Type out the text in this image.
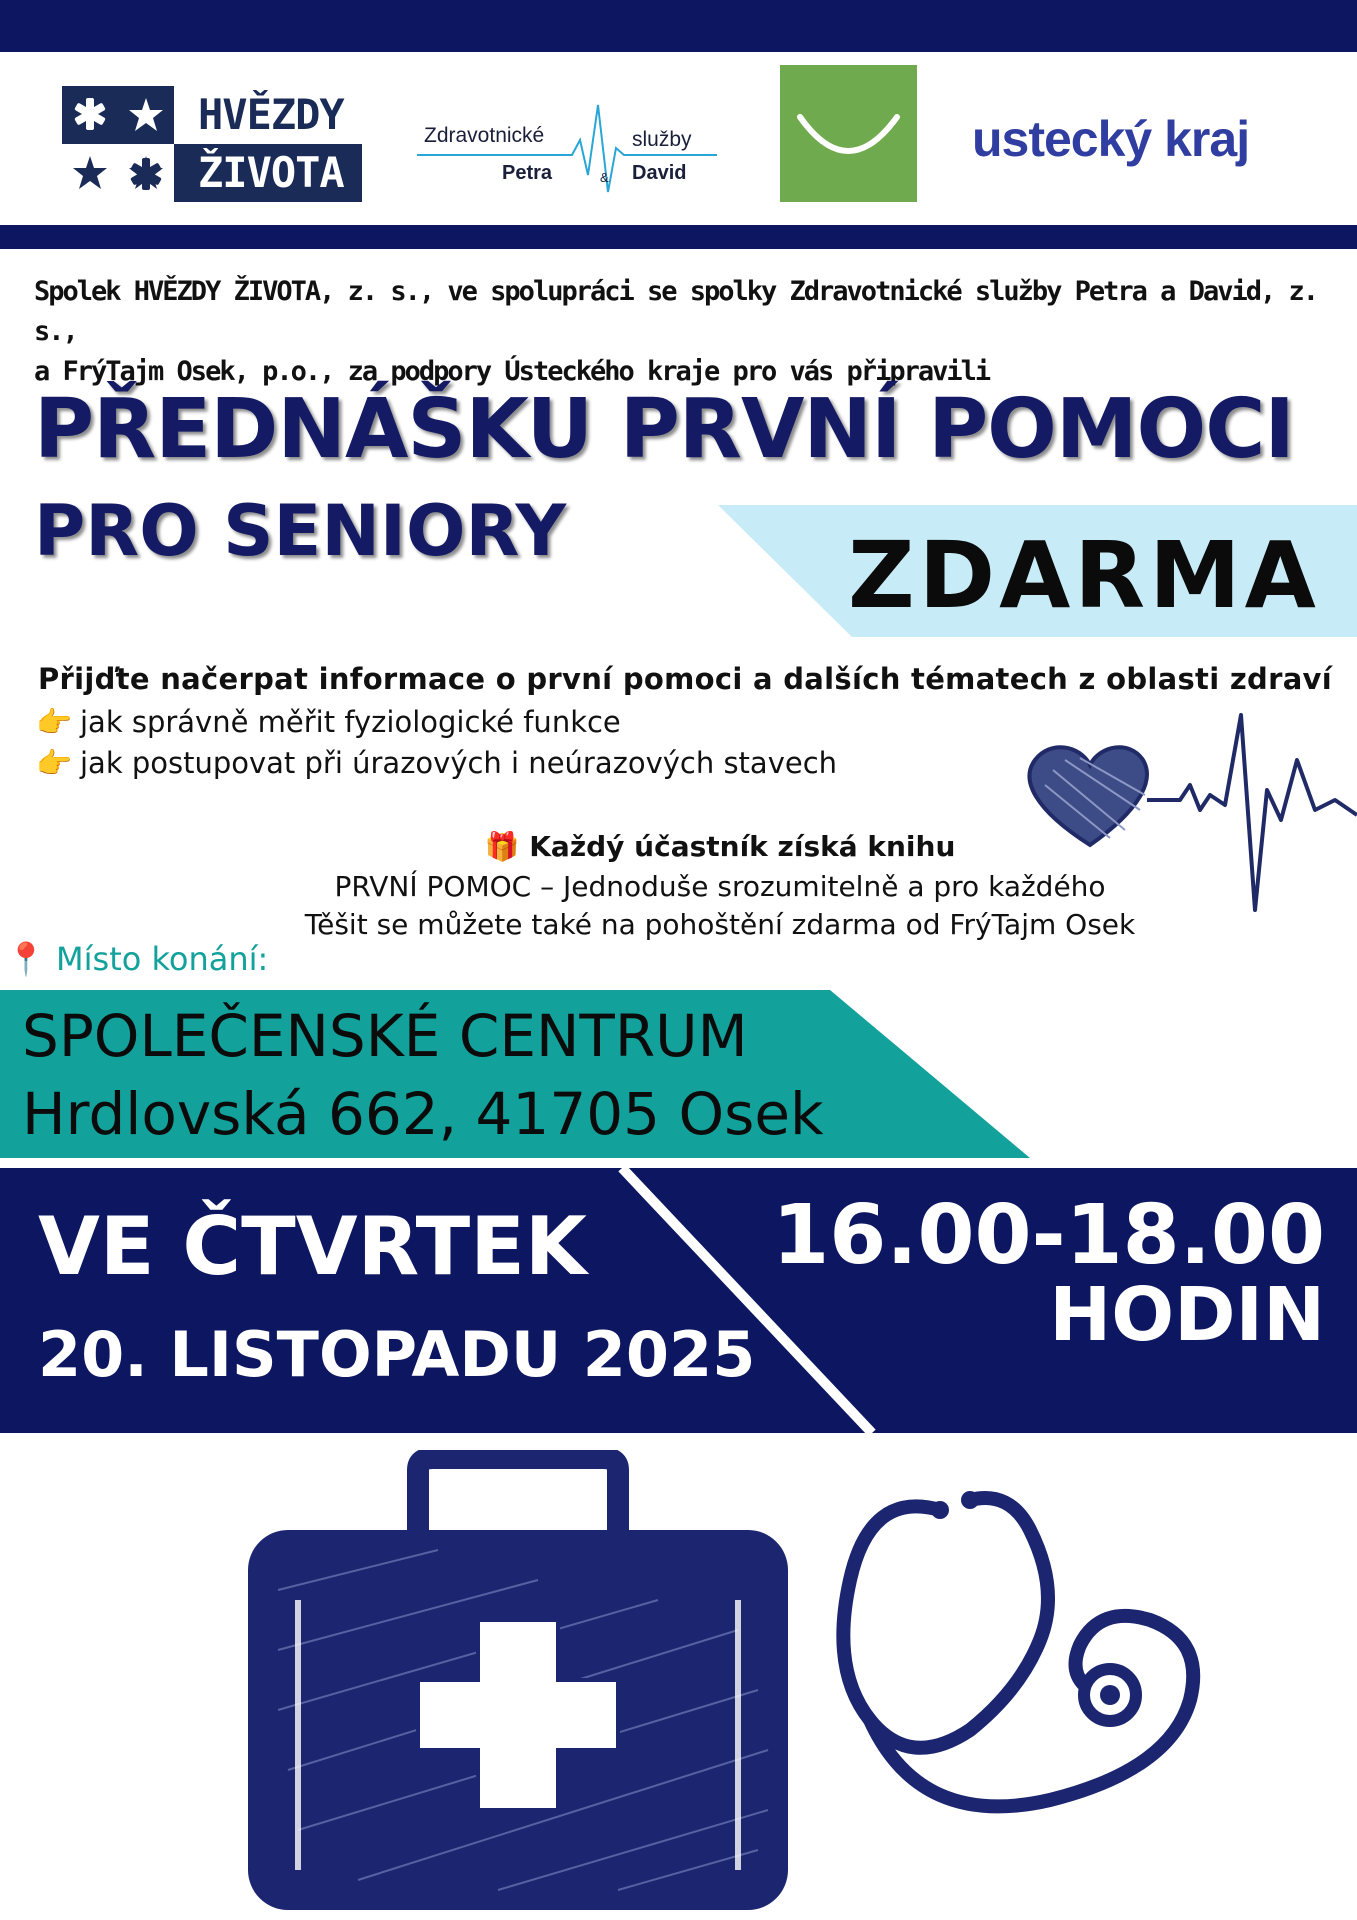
HVĚZDY
ŽIVOTA
Zdravotnické	služby
Petra	& David
ustecký kraj
Spolek HVĚZDY ŽIVOTA, z. s., ve spolupráci se spolky Zdravotnické služby Petra a David, z. s.,
a FrýTajm Osek, p.o., za podpory Ústeckého kraje pro vás připravili
ZDARMA
PŘEDNÁŠKU PRVNÍ POMOCI
PRO SENIORY
Přijďte načerpat informace o první pomoci a dalších tématech z oblasti zdraví
👉 jak správně měřit fyziologické funkce
👉 jak postupovat při úrazových i neúrazových stavech
🎁 Každý účastník získá knihu
PRVNÍ POMOC – Jednoduše srozumitelně a pro každého
Těšit se můžete také na pohoštění zdarma od FrýTajm Osek
📍 Místo konání:
SPOLEČENSKÉ CENTRUM
Hrdlovská 662, 41705 Osek
VE ČTVRTEK
20. LISTOPADU 2025
16.00-18.00
HODIN
